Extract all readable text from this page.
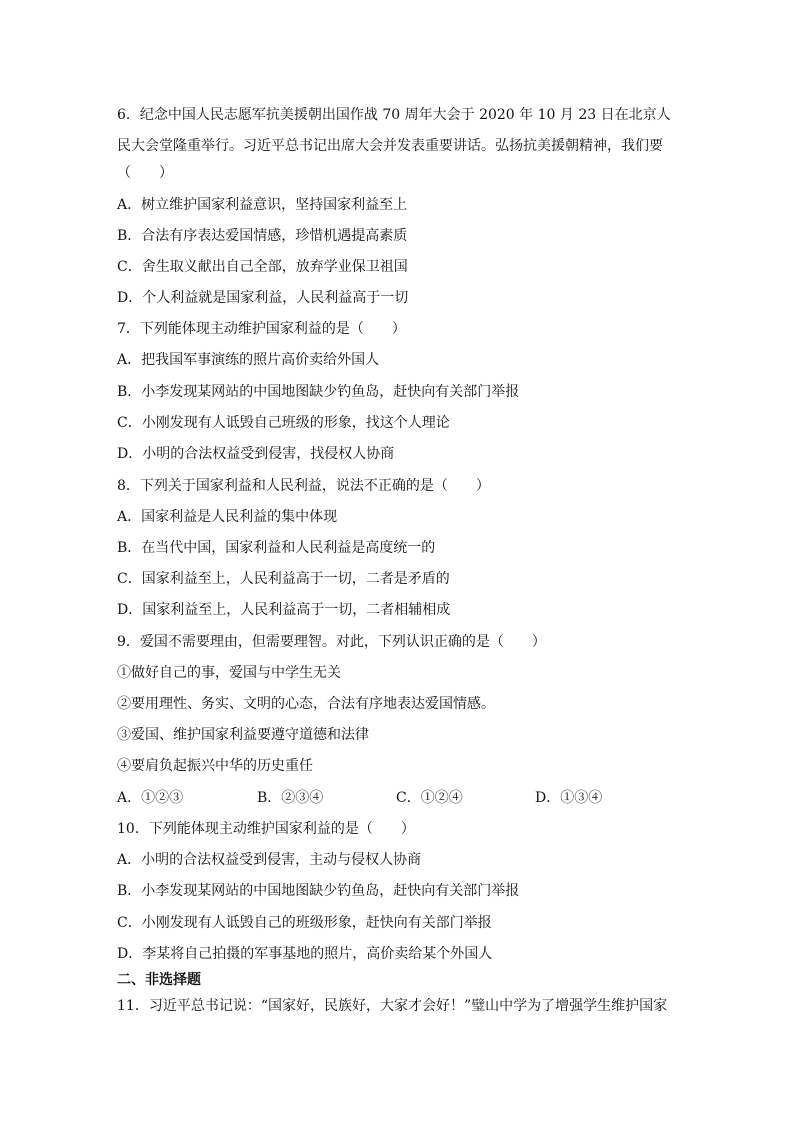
6．纪念中国人民志愿军抗美援朝出国作战 70 周年大会于 2020 年 10 月 23 日在北京人民大会堂隆重举行。习近平总书记出席大会并发表重要讲话。弘扬抗美援朝精神，我们要
（　　）
A．树立维护国家利益意识，坚持国家利益至上
B．合法有序表达爱国情感，珍惜机遇提高素质
C．舍生取义献出自己全部，放弃学业保卫祖国
D．个人利益就是国家利益，人民利益高于一切
7．下列能体现主动维护国家利益的是（　　）
A．把我国军事演练的照片高价卖给外国人
B．小李发现某网站的中国地图缺少钓鱼岛，赶快向有关部门举报
C．小刚发现有人诋毁自己班级的形象，找这个人理论
D．小明的合法权益受到侵害，找侵权人协商
8．下列关于国家利益和人民利益，说法不正确的是（　　）
A．国家利益是人民利益的集中体现
B．在当代中国，国家利益和人民利益是高度统一的
C．国家利益至上，人民利益高于一切，二者是矛盾的
D．国家利益至上，人民利益高于一切，二者相辅相成
9．爱国不需要理由，但需要理智。对此，下列认识正确的是（　　）
①做好自己的事，爱国与中学生无关
②要用理性、务实、文明的心态，合法有序地表达爱国情感。
③爱国、维护国家利益要遵守道德和法律
④要肩负起振兴中华的历史重任
A．①②③	B．②③④	C．①②④	D．①③④
10．下列能体现主动维护国家利益的是（　　）
A．小明的合法权益受到侵害，主动与侵权人协商
B．小李发现某网站的中国地图缺少钓鱼岛，赶快向有关部门举报
C．小刚发现有人诋毁自己的班级形象，赶快向有关部门举报
D．李某将自己拍摄的军事基地的照片，高价卖给某个外国人
二、非选择题
11．习近平总书记说：“国家好，民族好，大家才会好！”璧山中学为了增强学生维护国家
